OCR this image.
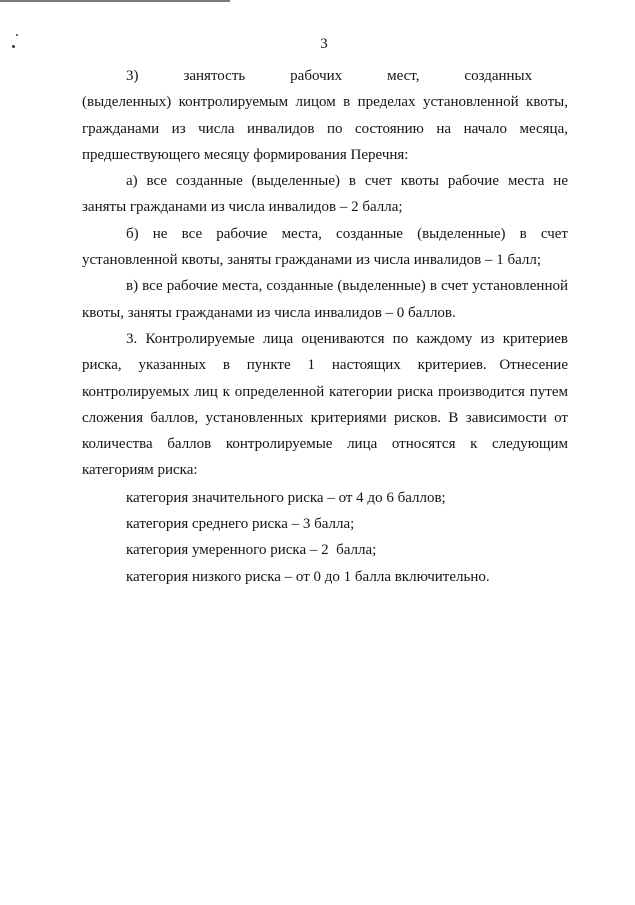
3

3)       занятость       рабочих       мест,       созданных       (выделенных) контролируемым лицом в пределах установленной квоты, гражданами из числа инвалидов по состоянию на начало месяца, предшествующего месяцу формирования Перечня:

а) все созданные (выделенные) в счет квоты рабочие места не заняты гражданами из числа инвалидов – 2 балла;

б)   не   все   рабочие   места,   созданные   (выделенные)   в   счет установленной квоты, заняты гражданами из числа инвалидов – 1 балл;

в) все рабочие места, созданные (выделенные) в счет установленной квоты, заняты гражданами из числа инвалидов – 0 баллов.

3. Контролируемые лица оцениваются по каждому из критериев риска,    указанных    в    пункте    1    настоящих    критериев.   Отнесение контролируемых лиц к определенной категории риска производится путем сложения баллов, установленных критериями рисков. В зависимости от количества баллов контролируемые лица относятся к следующим категориям риска:

категория значительного риска – от 4 до 6 баллов;

категория среднего риска – 3 балла;

категория умеренного риска – 2  балла;

категория низкого риска – от 0 до 1 балла включительно.
